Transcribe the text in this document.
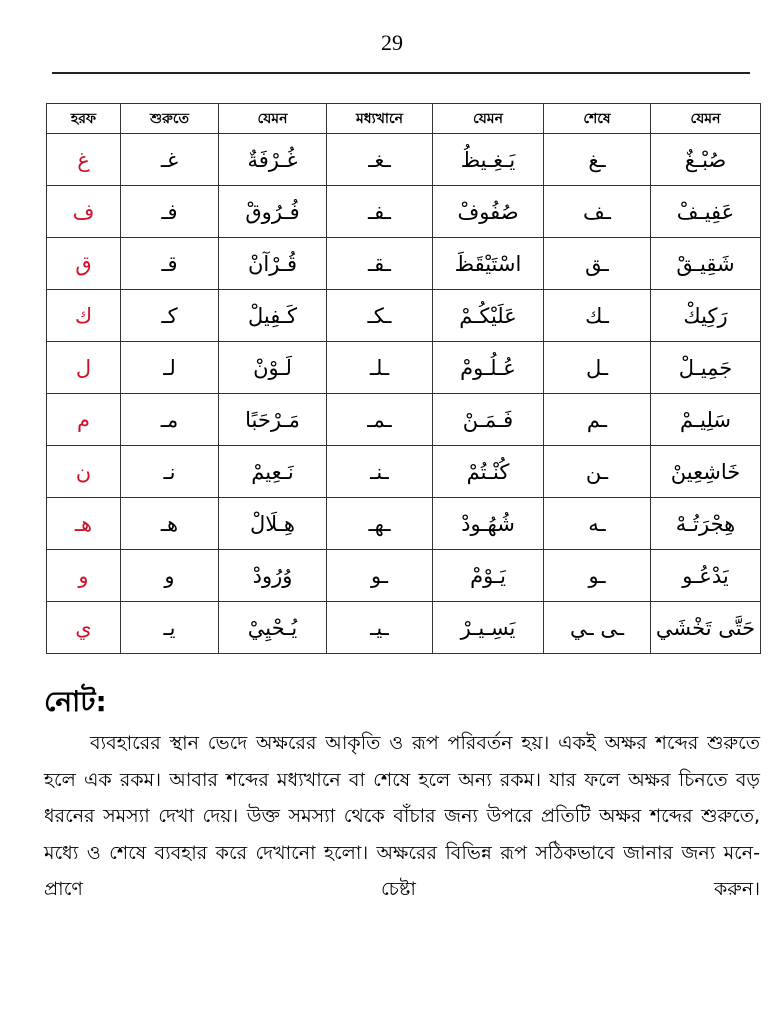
29
হরফ	শুরুতে	যেমন	মধ্যখানে	যেমন	শেষে	যেমন
غ	غـ	غُـرْفَةٌ	ـغـ	يَـغِـيظُ	ـغ	صُبْـغٌ
ف	فـ	فُـرُوقْ	ـفـ	صُفُوفْ	ـف	عَفِيـفْ
ق	قـ	قُـرْآنْ	ـقـ	اسْتَيْقَظَ	ـق	شَقِيـقْ
ك	كـ	كَـفِيلْ	ـكـ	عَلَيْكُـمْ	ـك	رَكِيكْ
ل	لـ	لَـوْنْ	ـلـ	عُـلُـومْ	ـل	جَمِيـلْ
م	مـ	مَـرْحَبًا	ـمـ	فَـمَـنْ	ـم	سَلِيـمْ
ن	نـ	نَـعِيمْ	ـنـ	كُنْـتُمْ	ـن	خَاشِعِينْ
هـ	هـ	هِـلَالْ	ـهـ	شُهُـودْ	ـه	هِجْرَتُـهْ
و	و	وُرُودْ	ـو	يَـوْمْ	ـو	يَدْعُـو
ي	يـ	يُـحْيِيْ	ـيـ	يَسِـيـرْ	ـى ـي	حَتَّى تَخْشَي
নোট:
ব্যবহারের স্থান ভেদে অক্ষরের আকৃতি ও রূপ পরিবর্তন হয়। একই অক্ষর শব্দের শুরুতে হলে এক রকম। আবার শব্দের মধ্যখানে বা শেষে হলে অন্য রকম। যার ফলে অক্ষর চিনতে বড় ধরনের সমস্যা দেখা দেয়। উক্ত সমস্যা থেকে বাঁচার জন্য উপরে প্রতিটি অক্ষর শব্দের শুরুতে, মধ্যে ও শেষে ব্যবহার করে দেখানো হলো। অক্ষরের বিভিন্ন রূপ সঠিকভাবে জানার জন্য মনে-প্রাণে চেষ্টা করুন।
